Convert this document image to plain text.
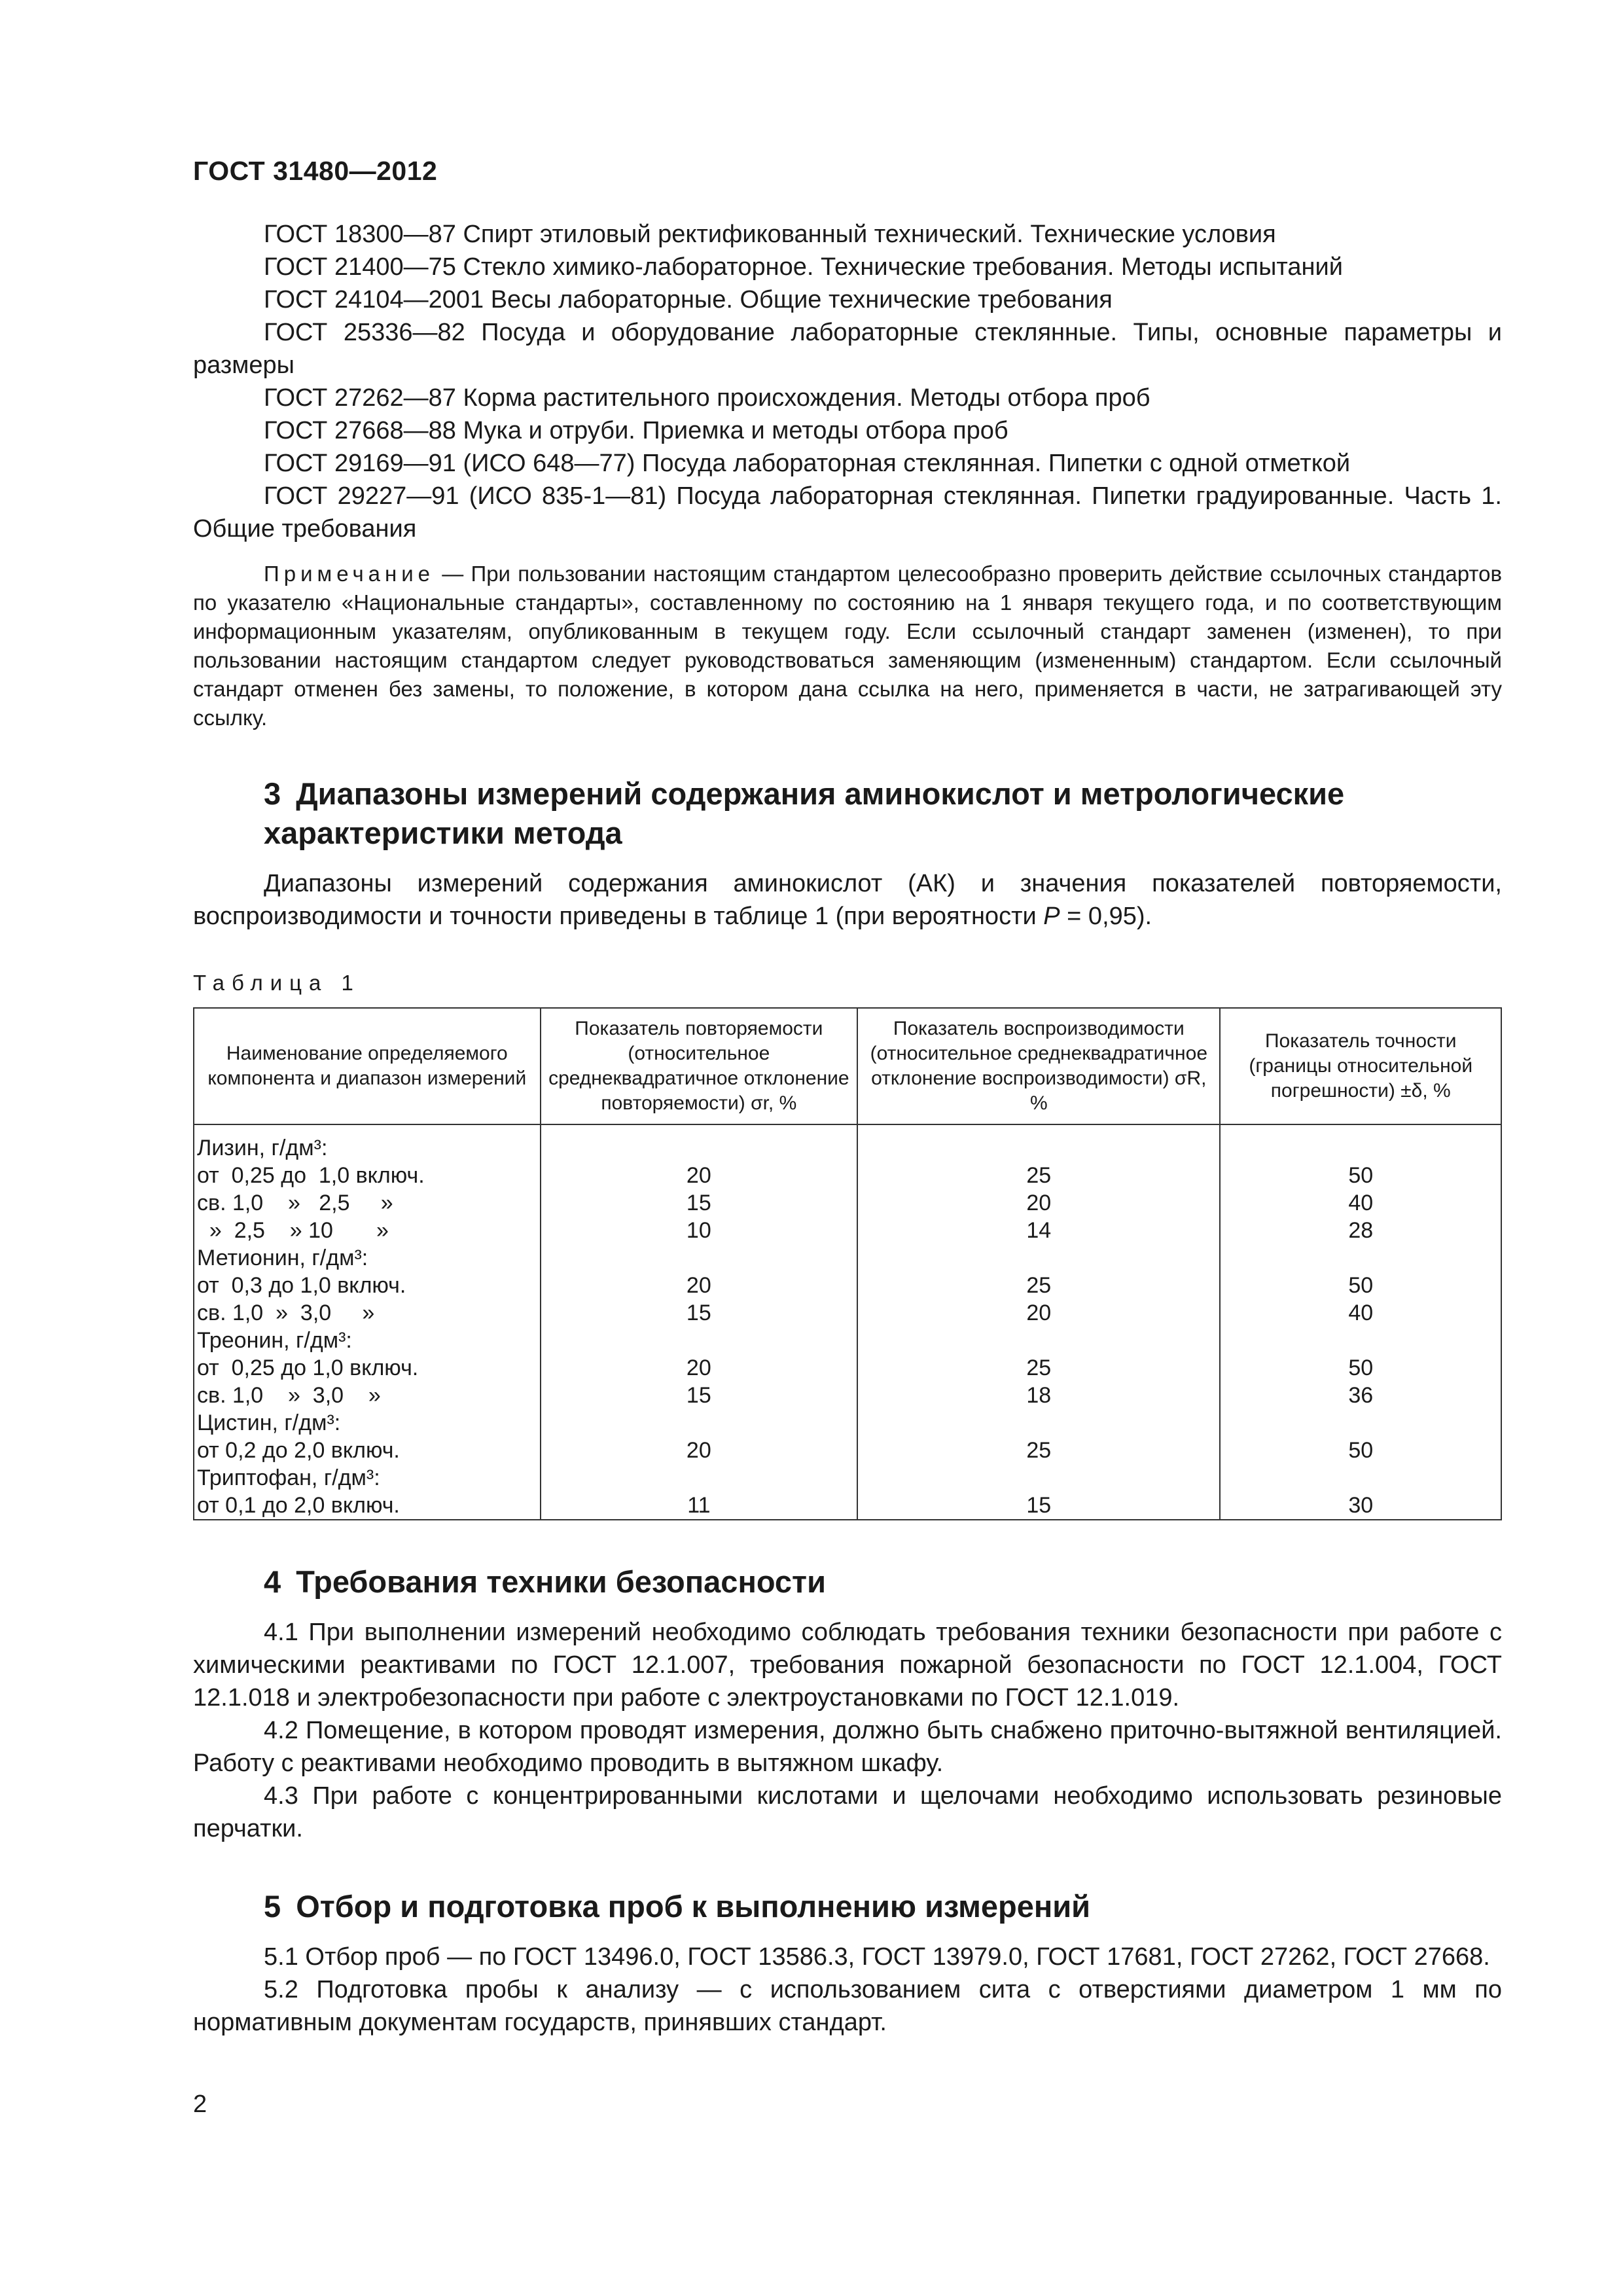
ГОСТ 31480—2012

ГОСТ 18300—87 Спирт этиловый ректификованный технический. Технические условия

ГОСТ 21400—75 Стекло химико-лабораторное. Технические требования. Методы испытаний

ГОСТ 24104—2001 Весы лабораторные. Общие технические требования

ГОСТ 25336—82 Посуда и оборудование лабораторные стеклянные. Типы, основные параметры и размеры

ГОСТ 27262—87 Корма растительного происхождения. Методы отбора проб

ГОСТ 27668—88 Мука и отруби. Приемка и методы отбора проб

ГОСТ 29169—91 (ИСО 648—77) Посуда лабораторная стеклянная. Пипетки с одной отметкой

ГОСТ 29227—91 (ИСО 835-1—81) Посуда лабораторная стеклянная. Пипетки градуированные. Часть 1. Общие требования

Примечание — При пользовании настоящим стандартом целесообразно проверить действие ссылочных стандартов по указателю «Национальные стандарты», составленному по состоянию на 1 января текущего года, и по соответствующим информационным указателям, опубликованным в текущем году. Если ссылочный стандарт заменен (изменен), то при пользовании настоящим стандартом следует руководствоваться заменяющим (измененным) стандартом. Если ссылочный стандарт отменен без замены, то положение, в котором дана ссылка на него, применяется в части, не затрагивающей эту ссылку.

3 Диапазоны измерений содержания аминокислот и метрологические характеристики метода

Диапазоны измерений содержания аминокислот (АК) и значения показателей повторяемости, воспроизводимости и точности приведены в таблице 1 (при вероятности P = 0,95).

Таблица 1
Наименование определяемого компонента и диапазон измерений	Показатель повторяемости (относительное среднеквадратичное отклонение повторяемости) σr, %	Показатель воспроизводимости (относительное среднеквадратичное отклонение воспроизводимости) σR, %	Показатель точности (границы относительной погрешности) ±δ, %
Лизин, г/дм³:			
от  0,25 до  1,0 включ.	20	25	50
св. 1,0    »   2,5     »	15	20	40
»  2,5    » 10       »	10	14	28
Метионин, г/дм³:			
от  0,3 до 1,0 включ.	20	25	50
св. 1,0  »  3,0     »	15	20	40
Треонин, г/дм³:			
от  0,25 до 1,0 включ.	20	25	50
св. 1,0    »  3,0    »	15	18	36
Цистин, г/дм³:			
от 0,2 до 2,0 включ.	20	25	50
Триптофан, г/дм³:			
от 0,1 до 2,0 включ.	11	15	30
4 Требования техники безопасности

4.1 При выполнении измерений необходимо соблюдать требования техники безопасности при работе с химическими реактивами по ГОСТ 12.1.007, требования пожарной безопасности по ГОСТ 12.1.004, ГОСТ 12.1.018 и электробезопасности при работе с электроустановками по ГОСТ 12.1.019.

4.2 Помещение, в котором проводят измерения, должно быть снабжено приточно-вытяжной вентиляцией. Работу с реактивами необходимо проводить в вытяжном шкафу.

4.3 При работе с концентрированными кислотами и щелочами необходимо использовать резиновые перчатки.

5 Отбор и подготовка проб к выполнению измерений

5.1 Отбор проб — по ГОСТ 13496.0, ГОСТ 13586.3, ГОСТ 13979.0, ГОСТ 17681, ГОСТ 27262, ГОСТ 27668.

5.2 Подготовка пробы к анализу — с использованием сита с отверстиями диаметром 1 мм по нормативным документам государств, принявших стандарт.

2
